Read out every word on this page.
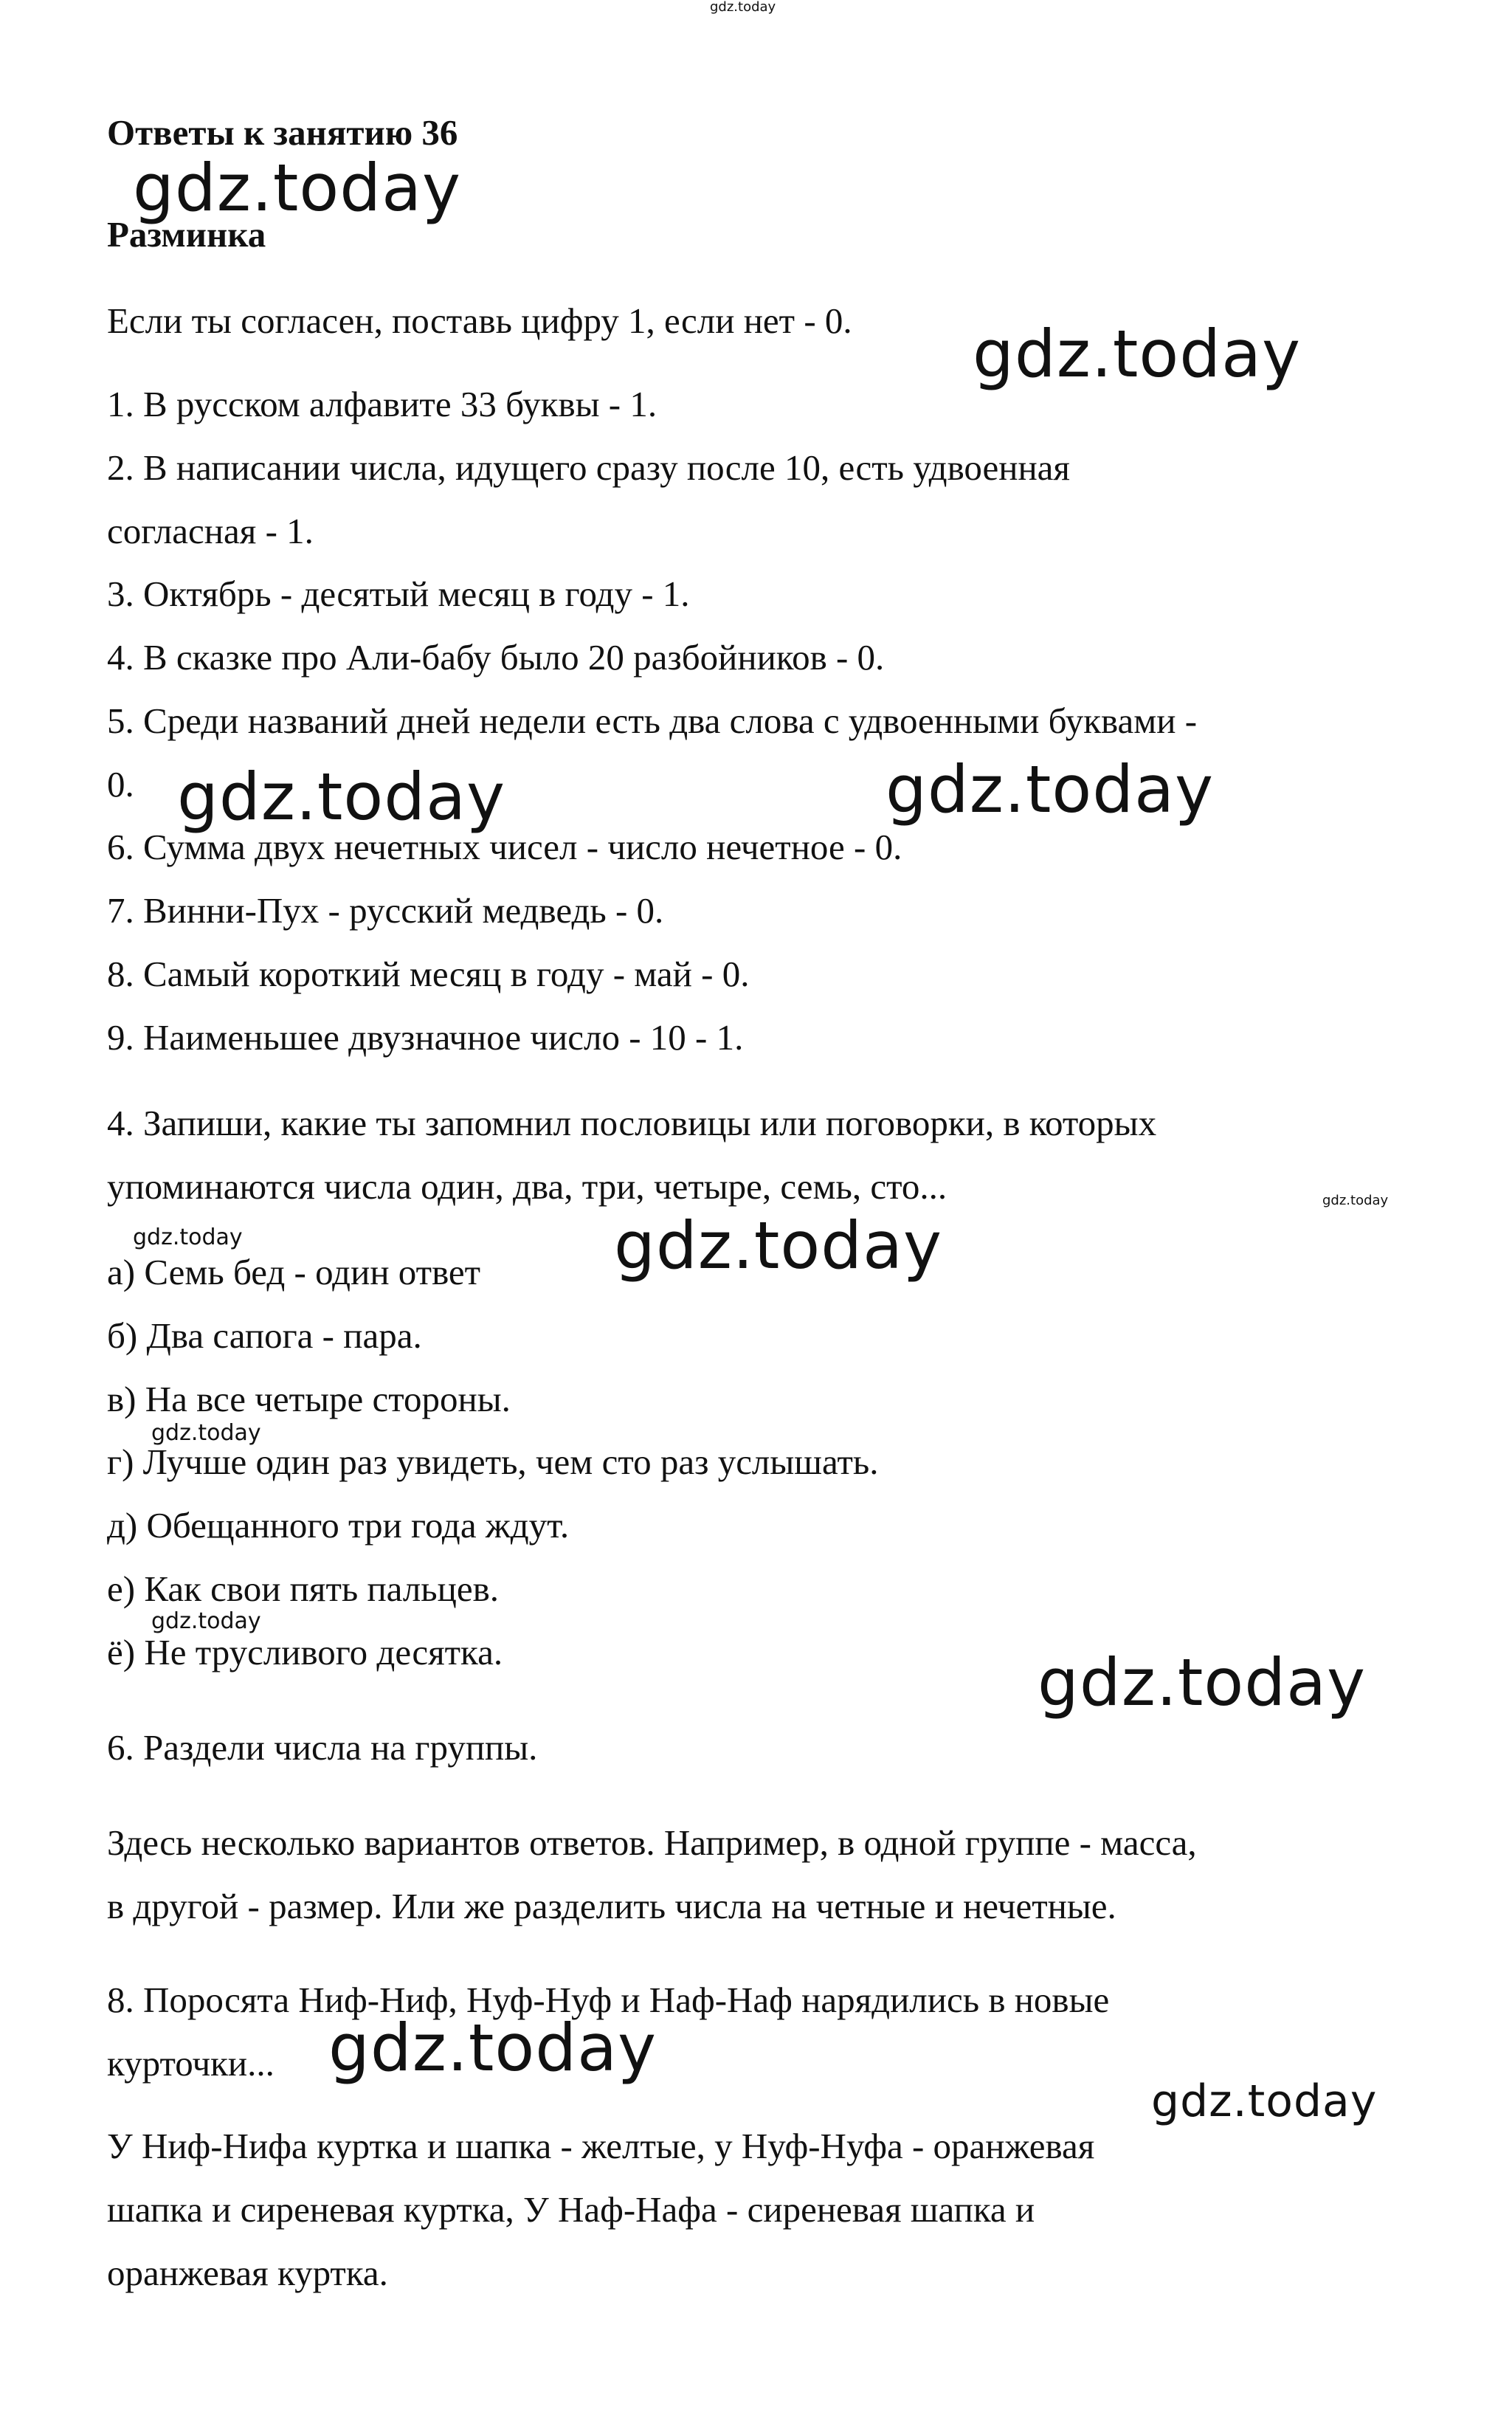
gdz.today
gdz.today
gdz.today
gdz.today	gdz.today
gdz.today
gdz.today	gdz.today
gdz.today
gdz.today
gdz.today
gdz.today
gdz.today
Ответы к занятию 36
Разминка
Если ты согласен, поставь цифру 1, если нет - 0.
1. В русском алфавите 33 буквы - 1.
2. В написании числа, идущего сразу после 10, есть удвоенная
согласная - 1.
3. Октябрь - десятый месяц в году - 1.
4. В сказке про Али-бабу было 20 разбойников - 0.
5. Среди названий дней недели есть два слова с удвоенными буквами -
0.
6. Сумма двух нечетных чисел - число нечетное - 0.
7. Винни-Пух - русский медведь - 0.
8. Самый короткий месяц в году - май - 0.
9. Наименьшее двузначное число - 10 - 1.
4. Запиши, какие ты запомнил пословицы или поговорки, в которых
упоминаются числа один, два, три, четыре, семь, сто...
а) Семь бед - один ответ
б) Два сапога - пара.
в) На все четыре стороны.
г) Лучше один раз увидеть, чем сто раз услышать.
д) Обещанного три года ждут.
е) Как свои пять пальцев.
ё) Не трусливого десятка.
6. Раздели числа на группы.
Здесь несколько вариантов ответов. Например, в одной группе - масса,
в другой - размер. Или же разделить числа на четные и нечетные.
8. Поросята Ниф-Ниф, Нуф-Нуф и Наф-Наф нарядились в новые
курточки...
У Ниф-Нифа куртка и шапка - желтые, у Нуф-Нуфа - оранжевая
шапка и сиреневая куртка, У Наф-Нафа - сиреневая шапка и
оранжевая куртка.
